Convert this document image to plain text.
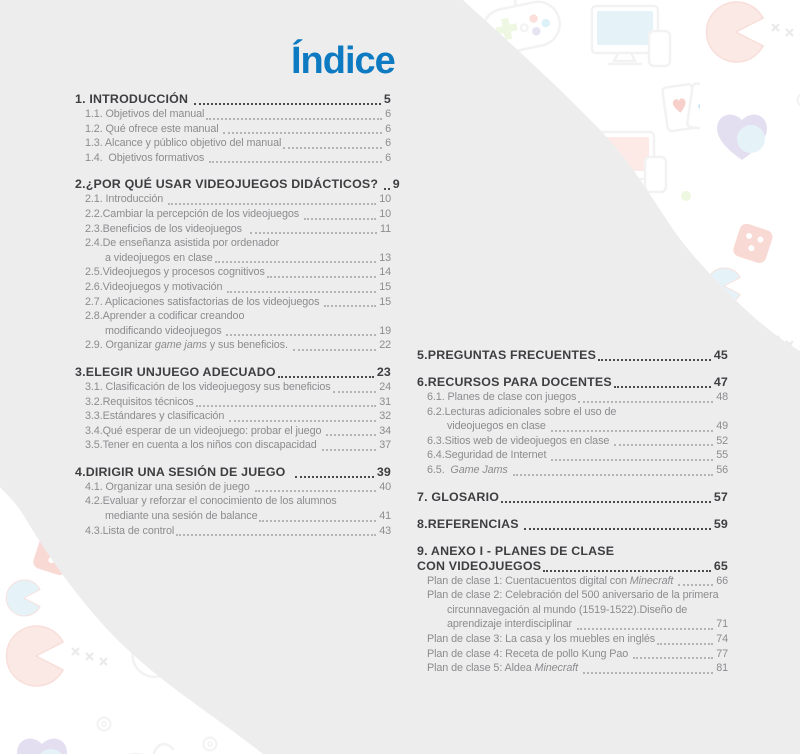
Índice
1. INTRODUCCIÓN	5
1.1. Objetivos del manual	6
1.2. Qué ofrece este manual	6
1.3. Alcance y público objetivo del manual	6
1.4.  Objetivos formativos	6
2.¿POR QUÉ USAR VIDEOJUEGOS DIDÁCTICOS? 9
2.1. Introducción	10
2.2.Cambiar la percepción de los videojuegos	10
2.3.Beneficios de los videojuegos	11
2.4.De enseñanza asistida por ordenador
a videojuegos en clase	13
2.5.Videojuegos y procesos cognitivos	14
2.6.Videojuegos y motivación	15
2.7. Aplicaciones satisfactorias de los videojuegos	15
2.8.Aprender a codificar creandoo
modificando videojuegos	19
2.9. Organizar game jams y sus beneficios.	22
3.ELEGIR UNJUEGO ADECUADO	23
3.1. Clasificación de los videojuegosy sus beneficios	24
3.2.Requisitos técnicos	31
3.3.Estándares y clasificación	32
3.4.Qué esperar de un videojuego: probar el juego	34
3.5.Tener en cuenta a los niños con discapacidad	37
4.DIRIGIR UNA SESIÓN DE JUEGO	39
4.1. Organizar una sesión de juego	40
4.2.Evaluar y reforzar el conocimiento de los alumnos
mediante una sesión de balance	41
4.3.Lista de control	43
5.PREGUNTAS FRECUENTES	45
6.RECURSOS PARA DOCENTES	47
6.1. Planes de clase con juegos	48
6.2.Lecturas adicionales sobre el uso de
videojuegos en clase	49
6.3.Sitios web de videojuegos en clase	52
6.4.Seguridad de Internet	55
6.5.  Game Jams	56
7. GLOSARIO	57
8.REFERENCIAS	59
9. ANEXO I - PLANES DE CLASE
CON VIDEOJUEGOS	65
Plan de clase 1: Cuentacuentos digital con Minecraft	66
Plan de clase 2: Celebración del 500 aniversario de la primera
circunnavegación al mundo (1519-1522).Diseño de
aprendizaje interdisciplinar	71
Plan de clase 3: La casa y los muebles en inglés	74
Plan de clase 4: Receta de pollo Kung Pao	77
Plan de clase 5: Aldea Minecraft	81
